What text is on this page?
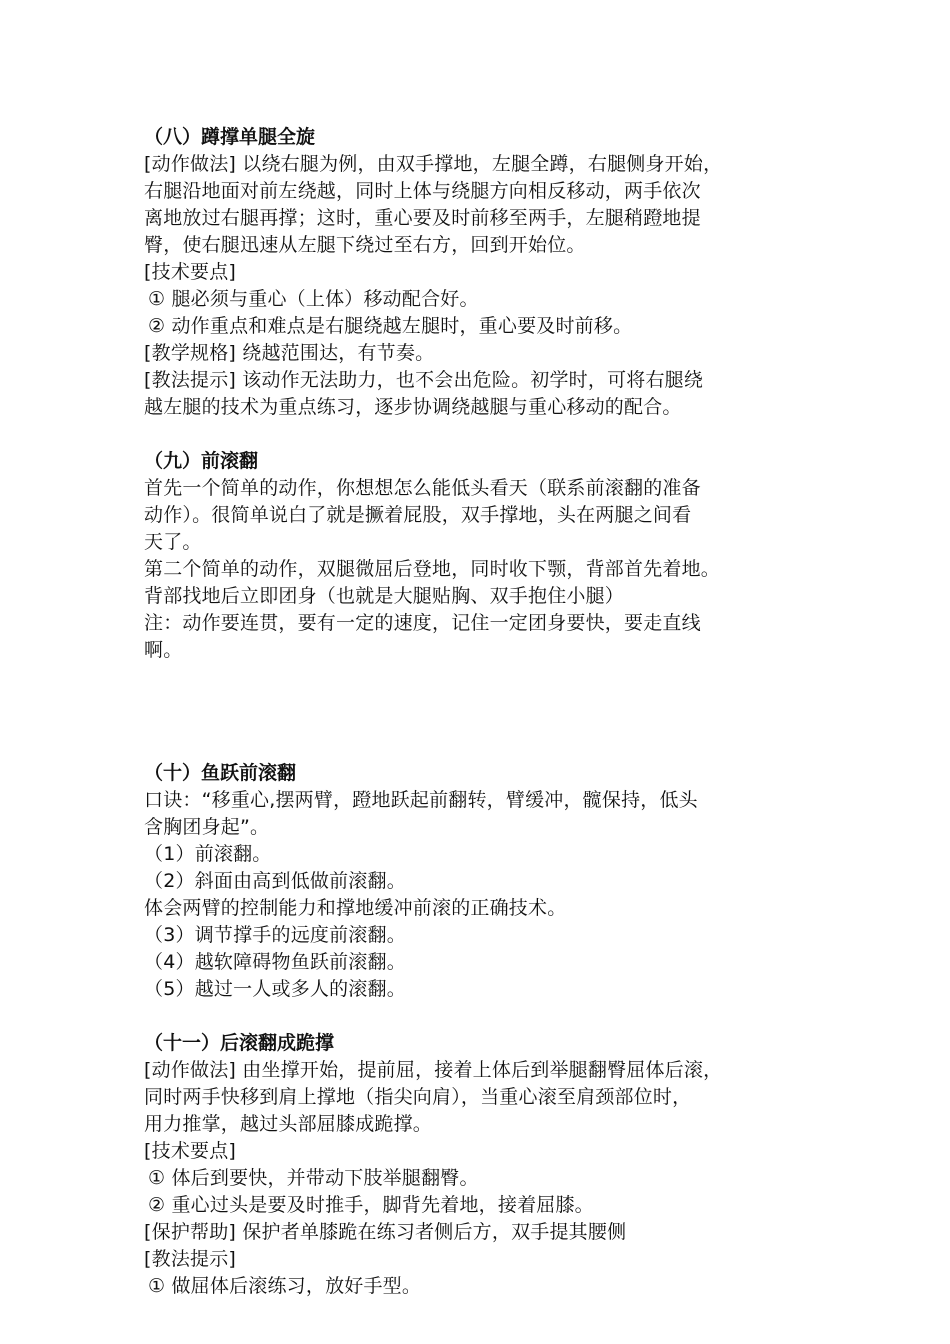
（八）蹲撑单腿全旋
[动作做法] 以绕右腿为例，由双手撑地，左腿全蹲，右腿侧身开始，
右腿沿地面对前左绕越，同时上体与绕腿方向相反移动，两手依次
离地放过右腿再撑；这时，重心要及时前移至两手，左腿稍蹬地提
臀，使右腿迅速从左腿下绕过至右方，回到开始位。
[技术要点]
① 腿必须与重心（上体）移动配合好。
② 动作重点和难点是右腿绕越左腿时，重心要及时前移。
[教学规格] 绕越范围达，有节奏。
[教法提示] 该动作无法助力，也不会出危险。初学时，可将右腿绕
越左腿的技术为重点练习，逐步协调绕越腿与重心移动的配合。
（九）前滚翻
首先一个简单的动作，你想想怎么能低头看天（联系前滚翻的准备
动作）。很简单说白了就是撅着屁股，双手撑地，头在两腿之间看
天了。
第二个简单的动作，双腿微屈后登地，同时收下颚，背部首先着地。
背部找地后立即团身（也就是大腿贴胸、双手抱住小腿）
注：动作要连贯，要有一定的速度，记住一定团身要快，要走直线
啊。
（十）鱼跃前滚翻
口诀：“移重心,摆两臂，蹬地跃起前翻转，臂缓冲，髋保持，低头
含胸团身起”。
（1）前滚翻。
（2）斜面由高到低做前滚翻。
体会两臂的控制能力和撑地缓冲前滚的正确技术。
（3）调节撑手的远度前滚翻。
（4）越软障碍物鱼跃前滚翻。
（5）越过一人或多人的滚翻。
（十一）后滚翻成跪撑
[动作做法] 由坐撑开始，提前屈，接着上体后到举腿翻臀屈体后滚，
同时两手快移到肩上撑地（指尖向肩），当重心滚至肩颈部位时，
用力推掌，越过头部屈膝成跪撑。
[技术要点]
① 体后到要快，并带动下肢举腿翻臀。
② 重心过头是要及时推手，脚背先着地，接着屈膝。
[保护帮助] 保护者单膝跪在练习者侧后方，双手提其腰侧
[教法提示]
① 做屈体后滚练习，放好手型。
